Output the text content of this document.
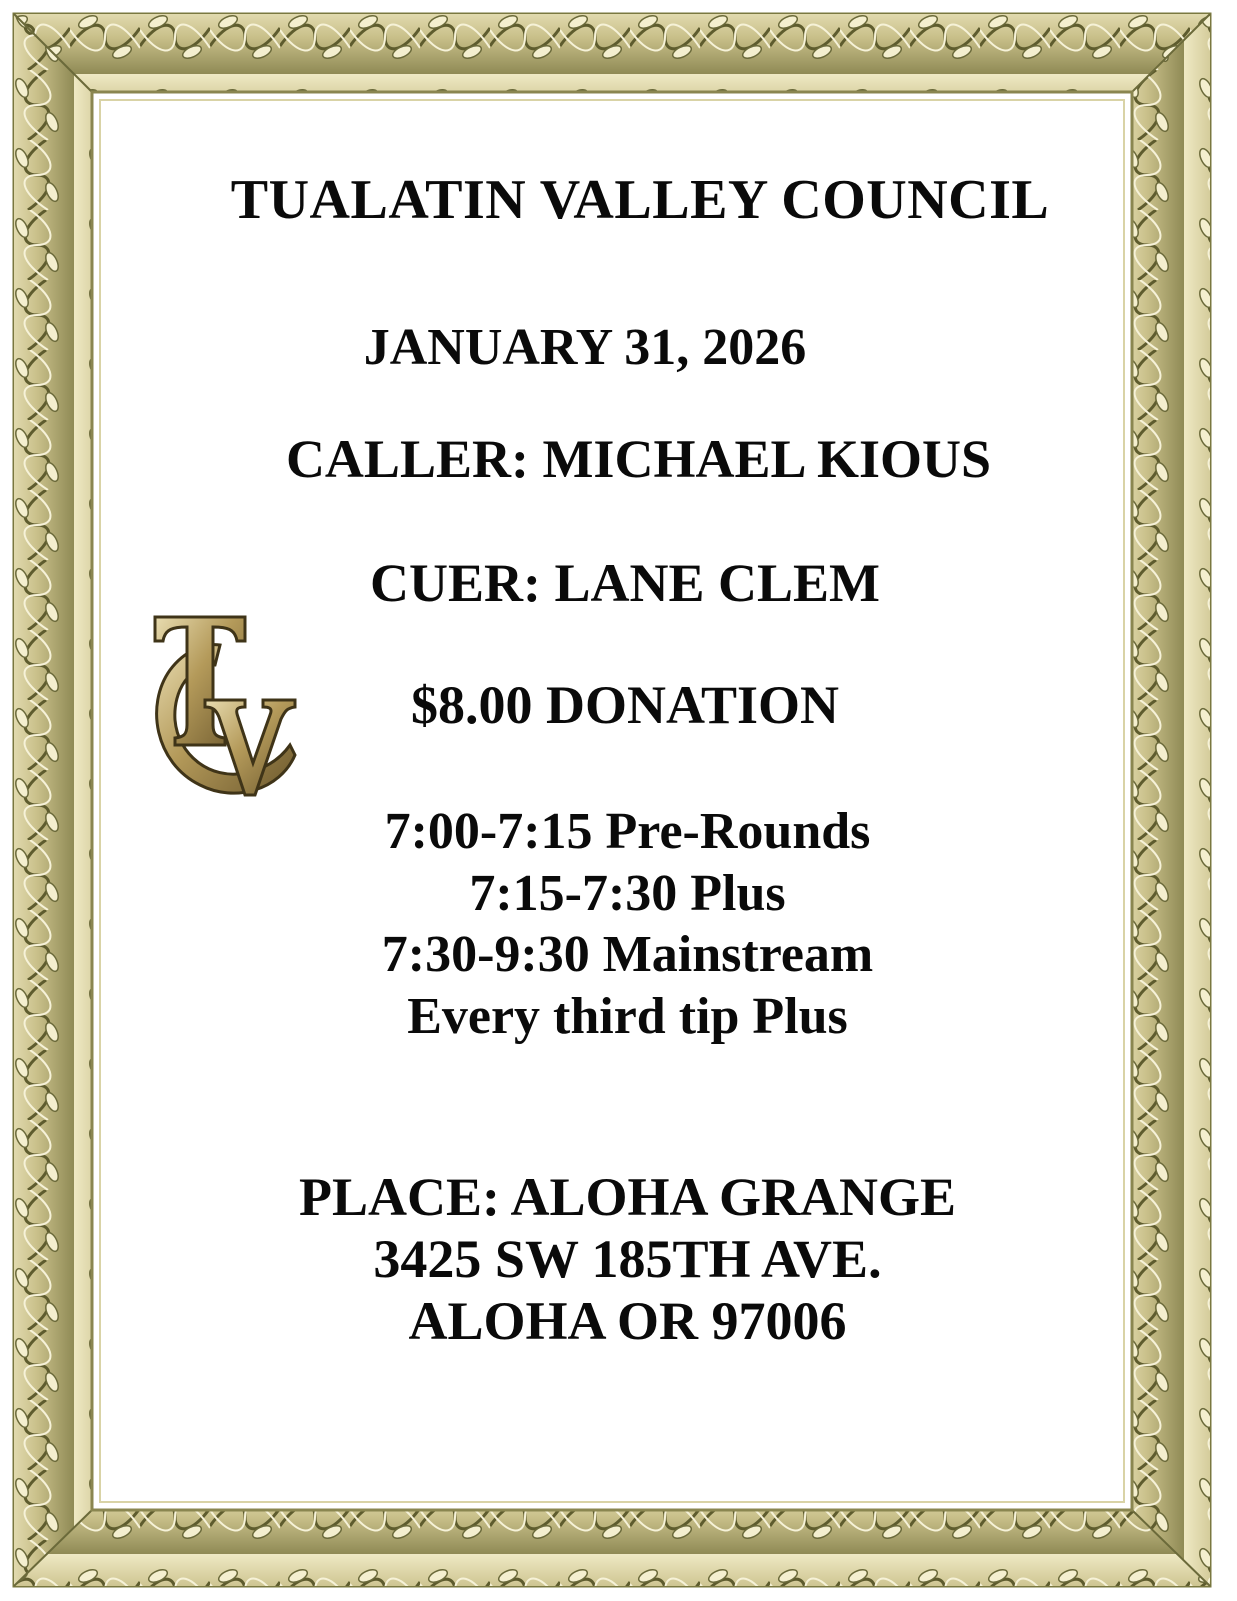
TUALATIN VALLEY COUNCIL
JANUARY 31, 2026
CALLER: MICHAEL KIOUS
CUER: LANE CLEM
$8.00 DONATION
7:00-7:15 Pre-Rounds
7:15-7:30 Plus
7:30-9:30 Mainstream
Every third tip Plus
PLACE: ALOHA GRANGE
3425 SW 185TH AVE.
ALOHA OR 97006
